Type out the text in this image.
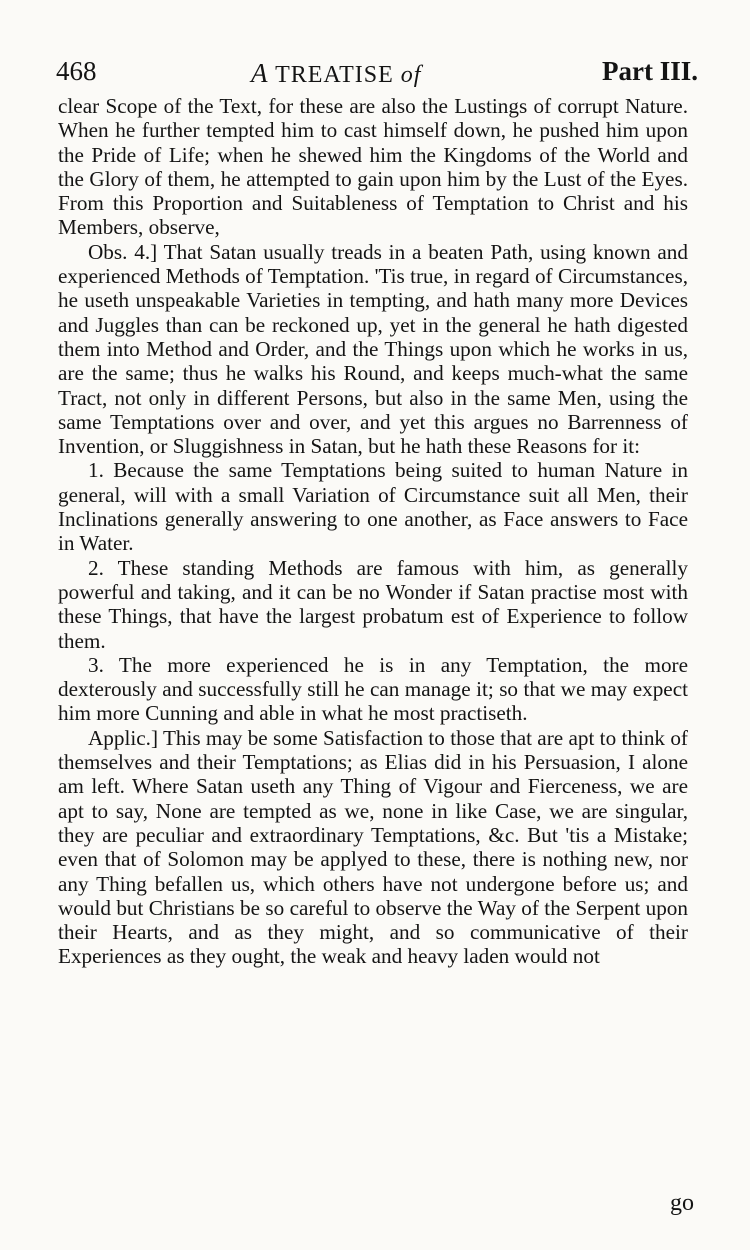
468	A TREATISE of	Part III.

clear Scope of the Text, for these are also the Lustings of corrupt Nature. When he further tempted him to cast himself down, he pushed him upon the Pride of Life; when he shewed him the Kingdoms of the World and the Glory of them, he attempted to gain upon him by the Lust of the Eyes. From this Proportion and Suitableness of Temptation to Christ and his Members, observe,

Obs. 4.] That Satan usually treads in a beaten Path, using known and experienced Methods of Temptation. 'Tis true, in regard of Circumstances, he useth unspeakable Varieties in tempting, and hath many more Devices and Juggles than can be reckoned up, yet in the general he hath digested them into Method and Order, and the Things upon which he works in us, are the same; thus he walks his Round, and keeps much-what the same Tract, not only in different Persons, but also in the same Men, using the same Temptations over and over, and yet this argues no Barrenness of Invention, or Sluggishness in Satan, but he hath these Reasons for it:

1. Because the same Temptations being suited to human Nature in general, will with a small Variation of Circumstance suit all Men, their Inclinations generally answering to one another, as Face answers to Face in Water.

2. These standing Methods are famous with him, as generally powerful and taking, and it can be no Wonder if Satan practise most with these Things, that have the largest probatum est of Experience to follow them.

3. The more experienced he is in any Temptation, the more dexterously and successfully still he can manage it; so that we may expect him more Cunning and able in what he most practiseth.

Applic.] This may be some Satisfaction to those that are apt to think of themselves and their Temptations; as Elias did in his Persuasion, I alone am left. Where Satan useth any Thing of Vigour and Fierceness, we are apt to say, None are tempted as we, none in like Case, we are singular, they are peculiar and extraordinary Temptations, &c. But 'tis a Mistake; even that of Solomon may be applyed to these, there is nothing new, nor any Thing befallen us, which others have not undergone before us; and would but Christians be so careful to observe the Way of the Serpent upon their Hearts, and as they might, and so communicative of their Experiences as they ought, the weak and heavy laden would not

go
